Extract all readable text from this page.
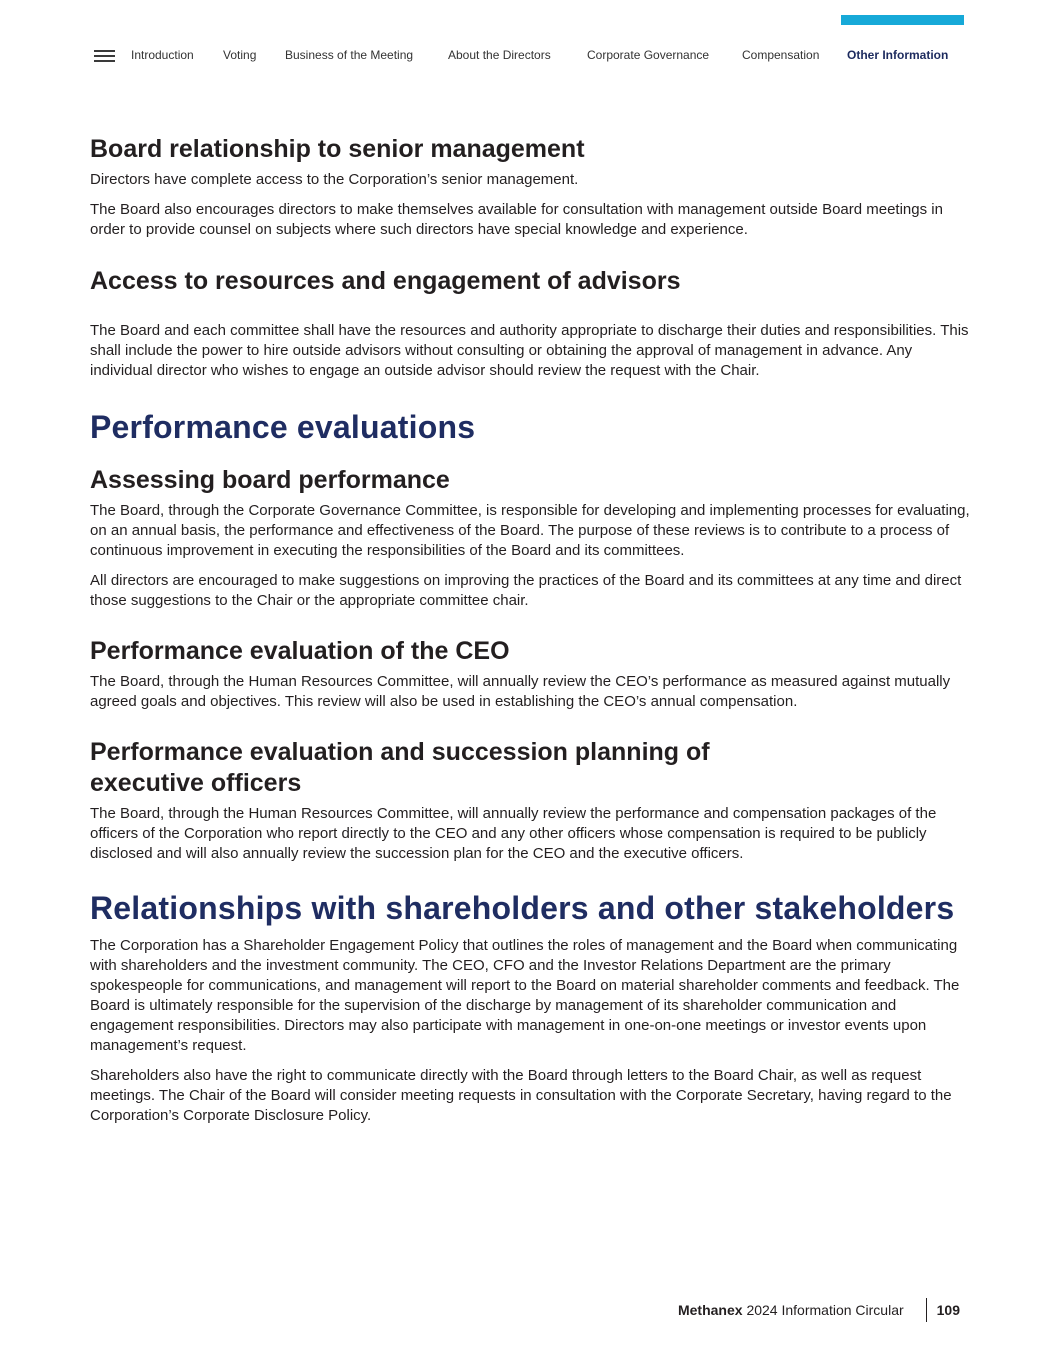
Introduction Voting Business of the Meeting	About the Directors	Corporate Governance	Compensation Other Information
Board relationship to senior management

Directors have complete access to the Corporation’s senior management.

The Board also encourages directors to make themselves available for consultation with management outside Board meetings in order to provide counsel on subjects where such directors have special knowledge and experience.

Access to resources and engagement of advisors

The Board and each committee shall have the resources and authority appropriate to discharge their duties and responsibilities. This shall include the power to hire outside advisors without consulting or obtaining the approval of management in advance. Any individual director who wishes to engage an outside advisor should review the request with the Chair.

Performance evaluations
Assessing board performance

The Board, through the Corporate Governance Committee, is responsible for developing and implementing processes for evaluating, on an annual basis, the performance and effectiveness of the Board. The purpose of these reviews is to contribute to a process of continuous improvement in executing the responsibilities of the Board and its committees.

All directors are encouraged to make suggestions on improving the practices of the Board and its committees at any time and direct those suggestions to the Chair or the appropriate committee chair.

Performance evaluation of the CEO

The Board, through the Human Resources Committee, will annually review the CEO’s performance as measured against mutually agreed goals and objectives. This review will also be used in establishing the CEO’s annual compensation.

Performance evaluation and succession planning of
executive officers

The Board, through the Human Resources Committee, will annually review the performance and compensation packages of the officers of the Corporation who report directly to the CEO and any other officers whose compensation is required to be publicly disclosed and will also annually review the succession plan for the CEO and the executive officers.

Relationships with shareholders and other stakeholders

The Corporation has a Shareholder Engagement Policy that outlines the roles of management and the Board when communicating with shareholders and the investment community. The CEO, CFO and the Investor Relations Department are the primary spokespeople for communications, and management will report to the Board on material shareholder comments and feedback. The Board is ultimately responsible for the supervision of the discharge by management of its shareholder communication and engagement responsibilities. Directors may also participate with management in one-on-one meetings or investor events upon management’s request.

Shareholders also have the right to communicate directly with the Board through letters to the Board Chair, as well as request meetings. The Chair of the Board will consider meeting requests in consultation with the Corporate Secretary, having regard to the Corporation’s Corporate Disclosure Policy.

Methanex
2024 Information Circular 109
